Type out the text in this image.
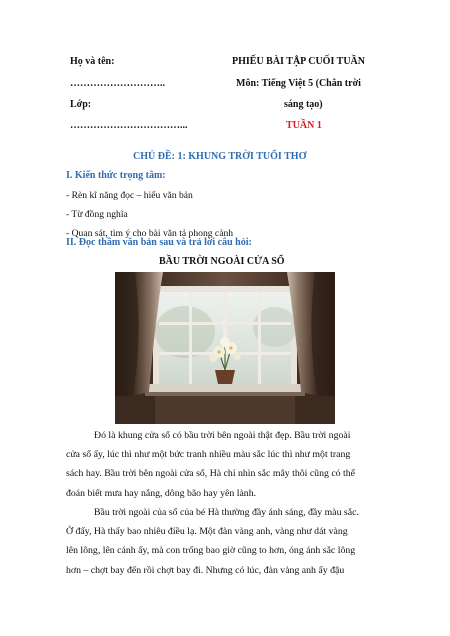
Họ và tên:
………………………..
Lớp:
……………………………...
PHIẾU BÀI TẬP CUỐI TUẦN
Môn: Tiếng Việt 5 (Chân trời
sáng tạo)
TUẦN 1
CHỦ ĐỀ: 1: KHUNG TRỜI TUỔI THƠ
I. Kiến thức trọng tâm:
- Rèn kĩ năng đọc – hiểu văn bản
- Từ đồng nghĩa
- Quan sát, tìm ý cho bài văn tả phong cảnh
II. Đọc thầm văn bản sau và trả lời câu hỏi:
BẦU TRỜI NGOÀI CỬA SỔ
Đó là khung cửa sổ có bầu trời bên ngoài thật đẹp. Bầu trời ngoài
cửa sổ ấy, lúc thì như một bức tranh nhiều màu sắc lúc thì như một trang
sách hay. Bầu trời bên ngoài cửa sổ, Hà chỉ nhìn sắc mây thôi cũng có thể
đoán biết mưa hay nắng, dông bão hay yên lành.
Bầu trời ngoài của sổ của bé Hà thường đầy ánh sáng, đầy màu sắc.
Ở đấy, Hà thấy bao nhiêu điều lạ. Một đàn vàng anh, vàng như dát vàng
lên lông, lên cánh ấy, mà con trống bao giờ cũng to hơn, óng ánh sắc lông
hơn – chợt bay đến rồi chợt bay đi. Nhưng có lúc, đàn vàng anh ấy đậu
